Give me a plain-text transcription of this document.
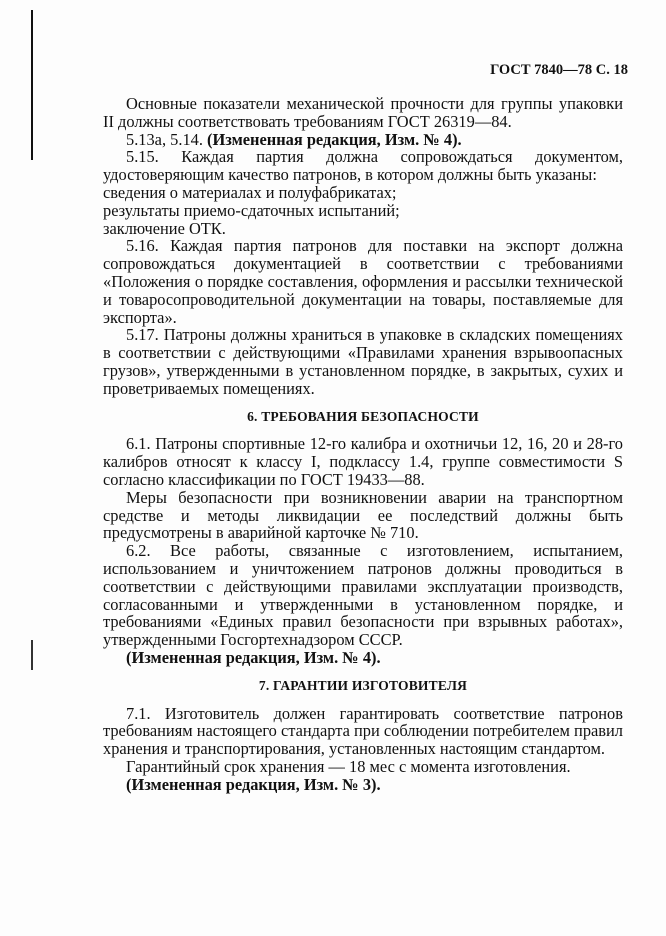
ГОСТ 7840—78 С. 18

Основные показатели механической прочности для группы упаковки II должны соответствовать требованиям ГОСТ 26319—84.

5.13а, 5.14. (Измененная редакция, Изм. № 4).

5.15. Каждая партия должна сопровождаться документом, удостоверяющим качество патронов, в котором должны быть указаны:

сведения о материалах и полуфабрикатах;

результаты приемо-сдаточных испытаний;

заключение ОТК.

5.16. Каждая партия патронов для поставки на экспорт должна сопровождаться документацией в соответствии с требованиями «Положения о порядке составления, оформления и рассылки технической и товаросопроводительной документации на товары, поставляемые для экспорта».

5.17. Патроны должны храниться в упаковке в складских помещениях в соответствии с действующими «Правилами хранения взрывоопасных грузов», утвержденными в установленном порядке, в закрытых, сухих и проветриваемых помещениях.

6. ТРЕБОВАНИЯ БЕЗОПАСНОСТИ

6.1. Патроны спортивные 12-го калибра и охотничьи 12, 16, 20 и 28-го калибров относят к классу I, подклассу 1.4, группе совместимости S согласно классификации по ГОСТ 19433—88.

Меры безопасности при возникновении аварии на транспортном средстве и методы ликвидации ее последствий должны быть предусмотрены в аварийной карточке № 710.

6.2. Все работы, связанные с изготовлением, испытанием, использованием и уничтожением патронов должны проводиться в соответствии с действующими правилами эксплуатации производств, согласованными и утвержденными в установленном порядке, и требованиями «Единых правил безопасности при взрывных работах», утвержденными Госгортехнадзором СССР.

(Измененная редакция, Изм. № 4).

7. ГАРАНТИИ ИЗГОТОВИТЕЛЯ

7.1. Изготовитель должен гарантировать соответствие патронов требованиям настоящего стандарта при соблюдении потребителем правил хранения и транспортирования, установленных настоящим стандартом.

Гарантийный срок хранения — 18 мес с момента изготовления.

(Измененная редакция, Изм. № 3).
